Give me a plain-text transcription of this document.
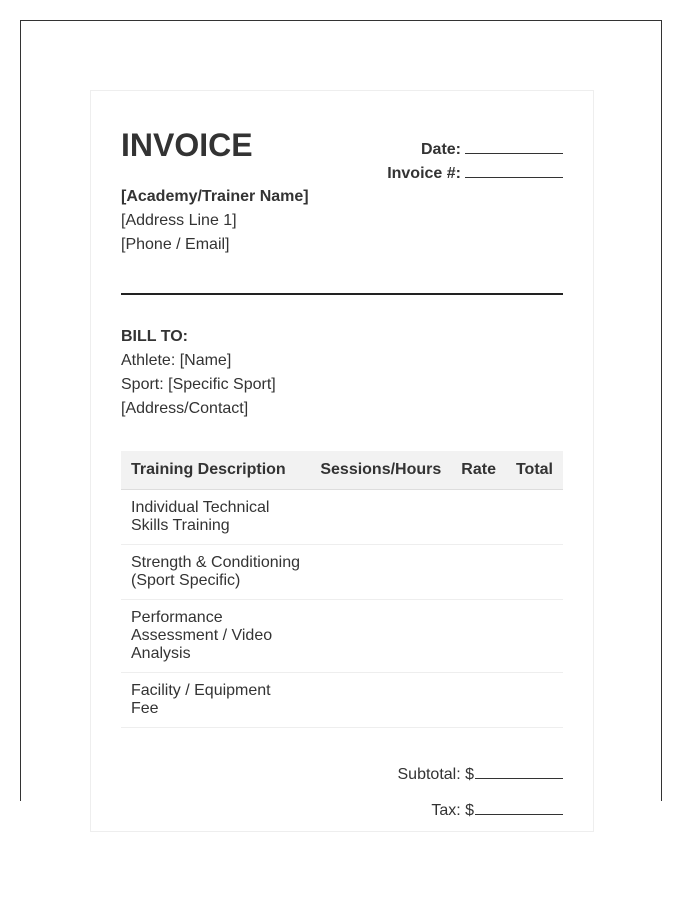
INVOICE	Date:
Invoice #:
[Academy/Trainer Name]
[Address Line 1]
[Phone / Email]
BILL TO:
Athlete: [Name]
Sport: [Specific Sport]
[Address/Contact]
Training Description	Sessions/Hours	Rate	Total
Individual Technical Skills Training			
Strength & Conditioning (Sport Specific)			
Performance Assessment / Video Analysis			
Facility / Equipment Fee			
Subtotal: $
Tax: $
